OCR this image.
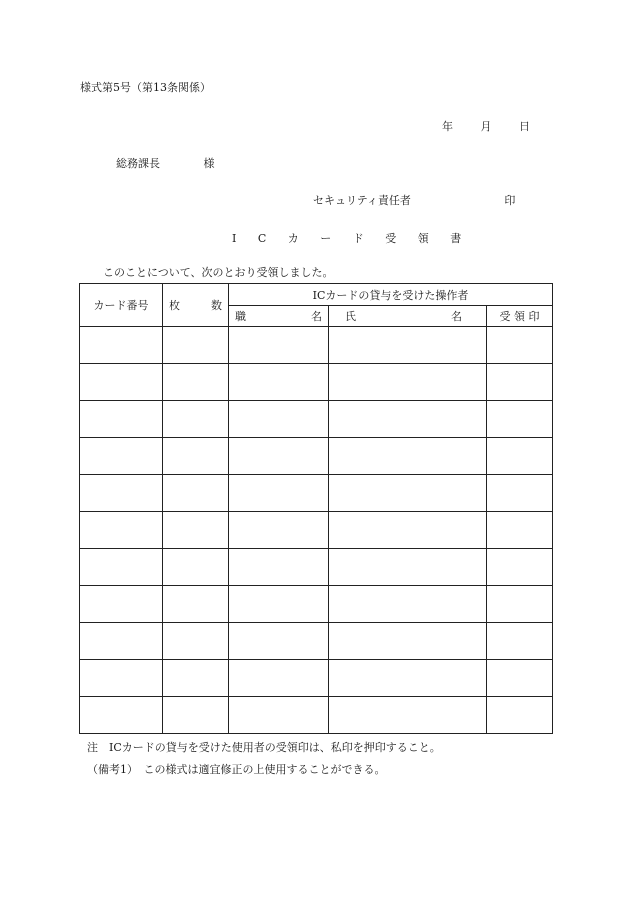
様式第5号（第13条関係）
年	月	日
総務課長	様
セキュリティ責任者	印
I C カ ー ド 受 領 書
このことについて、次のとおり受領しました。
カード番号	枚 数	ICカードの貸与を受けた操作者		

		職 名	氏 名	受 領 印

注　ICカードの貸与を受けた使用者の受領印は、私印を押印すること。
（備考1）　この様式は適宜修正の上使用することができる。
